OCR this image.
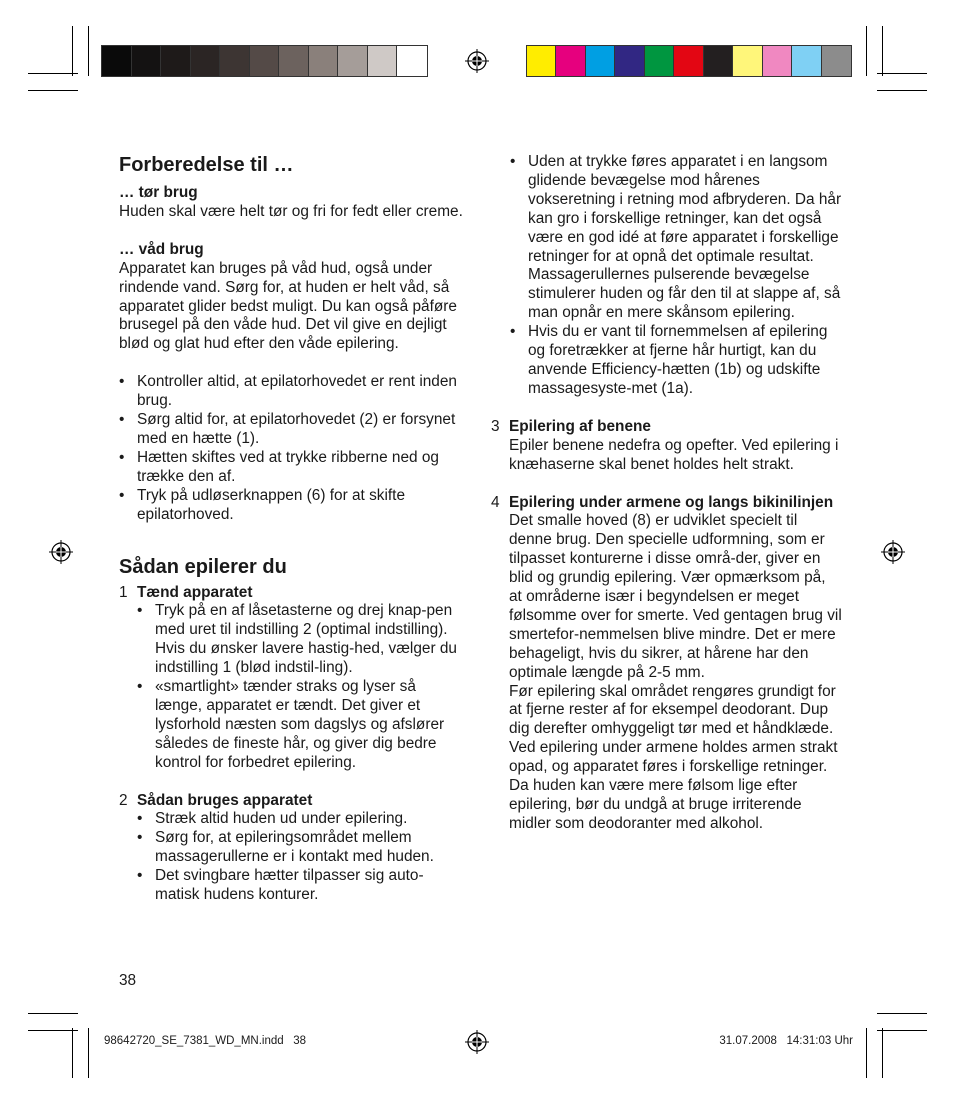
Forberedelse til …

… tør brug

Huden skal være helt tør og fri for fedt eller creme.

… våd brug

Apparatet kan bruges på våd hud, også under rindende vand. Sørg for, at huden er helt våd, så apparatet glider bedst muligt. Du kan også påføre brusegel på den våde hud. Det vil give en dejligt blød og glat hud efter den våde epilering.

• Kontroller altid, at epilatorhovedet er rent inden brug.
• Sørg altid for, at epilatorhovedet (2) er forsynet med en hætte (1).
• Hætten skiftes ved at trykke ribberne ned og trække den af.
• Tryk på udløserknappen (6) for at skifte epilatorhoved.
Sådan epilerer du
1 Tænd apparatet

• Tryk på en af låsetasterne og drej knap-pen med uret til indstilling 2 (optimal indstilling). Hvis du ønsker lavere hastig-hed, vælger du indstilling 1 (blød indstil-ling).
• «smartlight» tænder straks og lyser så længe, apparatet er tændt. Det giver et lysforhold næsten som dagslys og afslører således de fineste hår, og giver dig bedre kontrol for forbedret epilering.
2 Sådan bruges apparatet

• Stræk altid huden ud under epilering.
• Sørg for, at epileringsområdet mellem massagerullerne er i kontakt med huden.
• Det svingbare hætter tilpasser sig auto-matisk hudens konturer.
• Uden at trykke føres apparatet i en langsom glidende bevægelse mod hårenes vokseretning i retning mod afbryderen. Da hår kan gro i forskellige retninger, kan det også være en god idé at føre apparatet i forskellige retninger for at opnå det optimale resultat. Massagerullernes pulserende bevægelse stimulerer huden og får den til at slappe af, så man opnår en mere skånsom epilering.
• Hvis du er vant til fornemmelsen af epilering og foretrækker at fjerne hår hurtigt, kan du anvende Efficiency-hætten (1b) og udskifte massagesyste-met (1a).
3 Epilering af benene

Epiler benene nedefra og opefter. Ved epilering i knæhaserne skal benet holdes helt strakt.

4 Epilering under armene og langs bikinilinjen

Det smalle hoved (8) er udviklet specielt til denne brug. Den specielle udformning, som er tilpasset konturerne i disse områ-der, giver en blid og grundig epilering. Vær opmærksom på, at områderne især i begyndelsen er meget følsomme over for smerte. Ved gentagen brug vil smertefor-nemmelsen blive mindre. Det er mere behageligt, hvis du sikrer, at hårene har den optimale længde på 2-5 mm.

Før epilering skal området rengøres grundigt for at fjerne rester af for eksempel deodorant. Dup dig derefter omhyggeligt tør med et håndklæde. Ved epilering under armene holdes armen strakt opad, og apparatet føres i forskellige retninger. Da huden kan være mere følsom lige efter epilering, bør du undgå at bruge irriterende midler som deodoranter med alkohol.

38
98642720_SE_7381_WD_MN.indd   38	31.07.2008   14:31:03 Uhr
